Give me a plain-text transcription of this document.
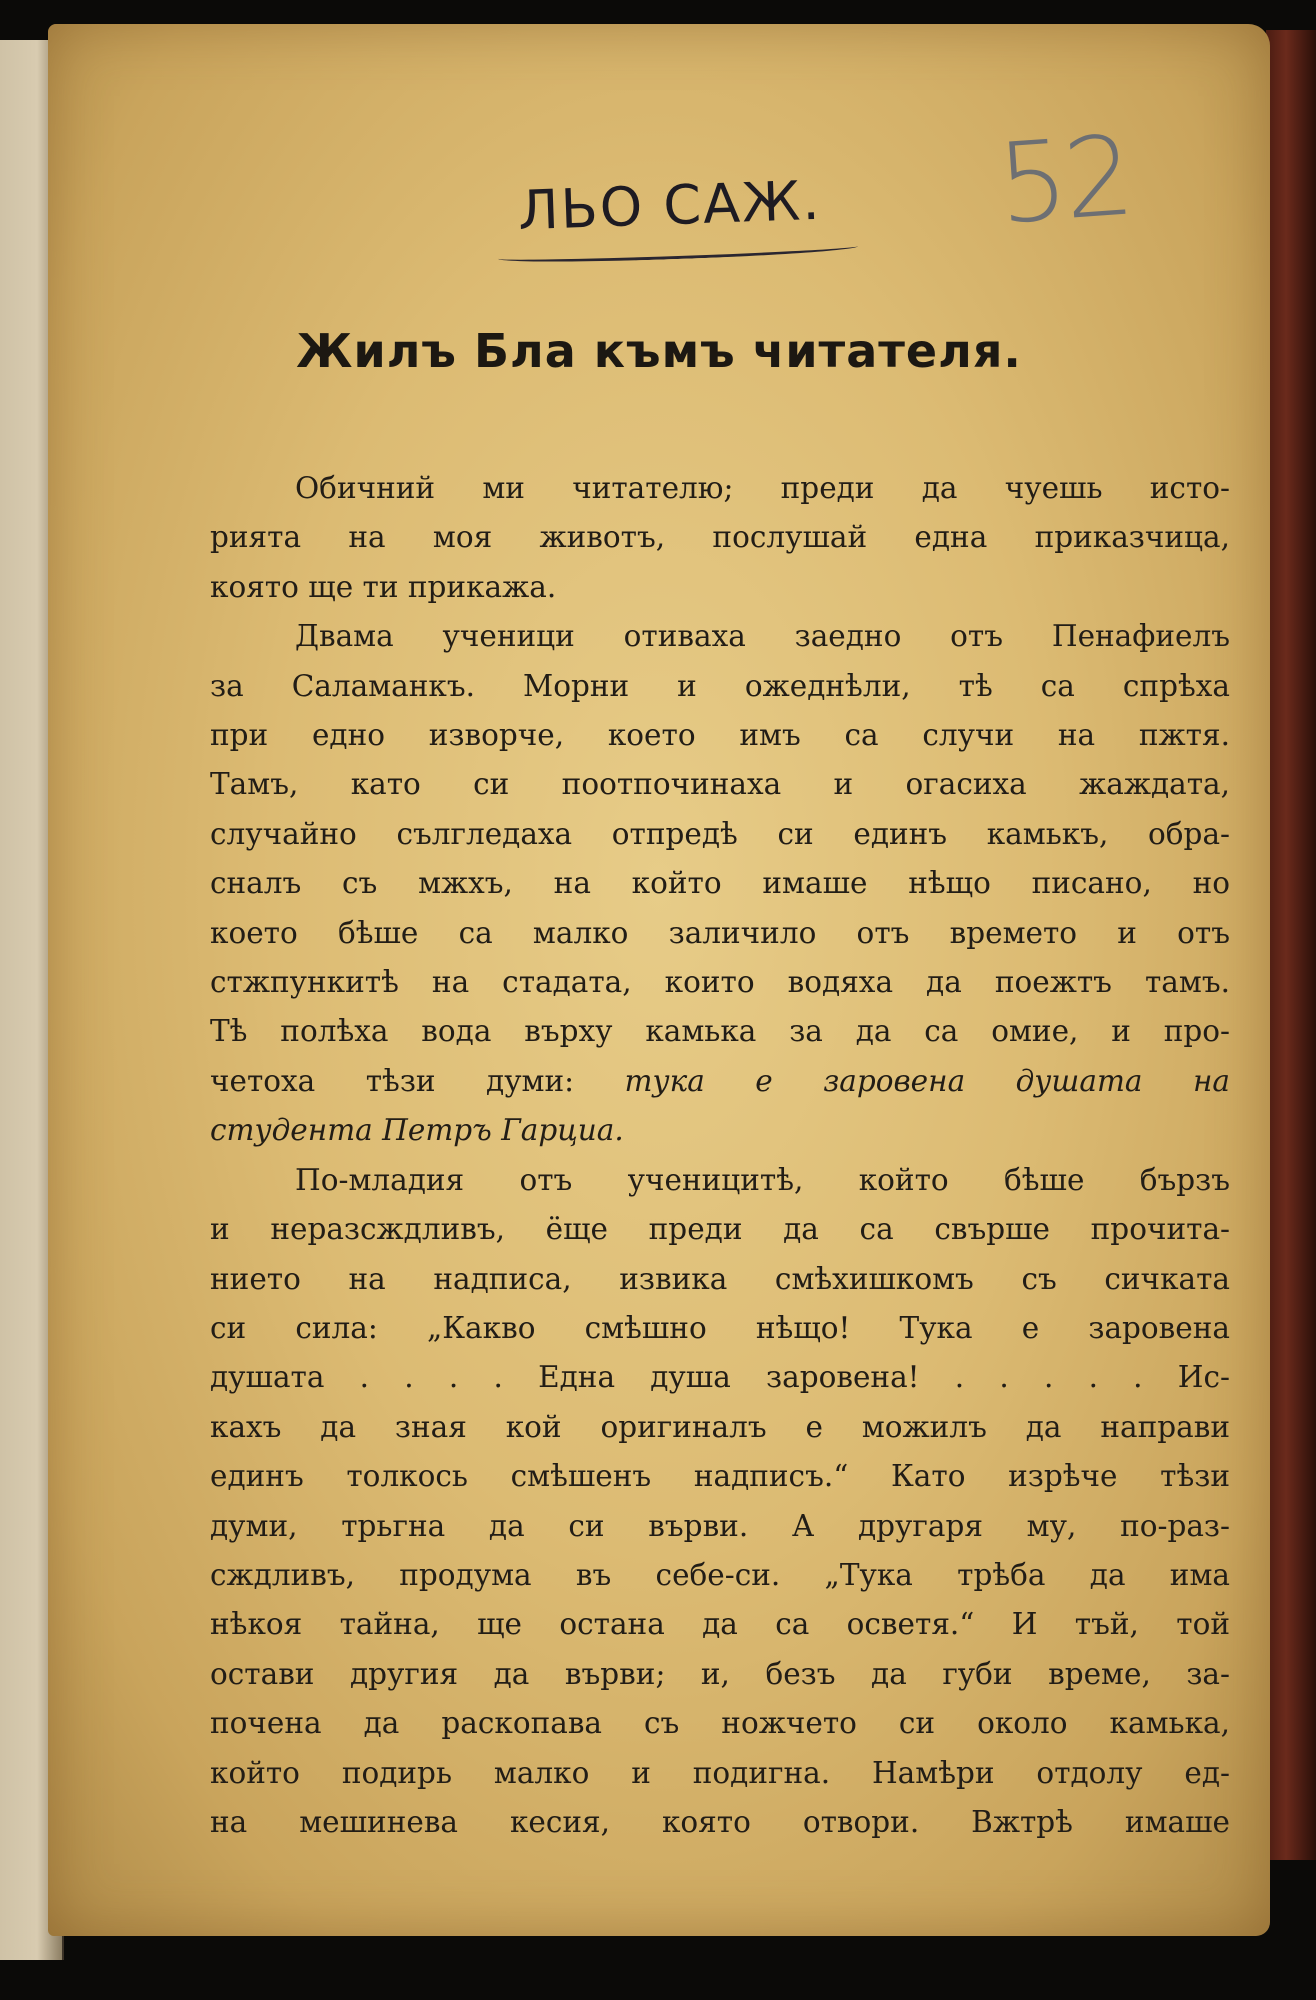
52
ЛЬО САЖ.
Жилъ Бла къмъ читателя.
Обичний ми читателю; преди да чуешь исто-
рията на моя животъ, послушай една приказчица,
която ще ти прикажа.
Двама ученици отиваха заедно отъ Пенафиелъ
за Саламанкъ. Морни и ожеднѣли, тѣ са спрѣха
при едно изворче, което имъ са случи на пжтя.
Тамъ, като си поотпочинаха и огасиха жаждата,
случайно сългледаха отпредѣ си единъ камькъ, обра-
сналъ съ мжхъ, на който имаше нѣщо писано, но
което бѣше са малко заличило отъ времето и отъ
стжпункитѣ на стадата, които водяха да поежтъ тамъ.
Тѣ полѣха вода върху камька за да са омие, и про-
четоха тѣзи думи: тука е заровена душата на
студента Петръ Гарциа.
По-младия отъ ученицитѣ, който бѣше бързъ
и неразсждливъ, ёще преди да са свърше прочита-
нието на надписа, извика смѣхишкомъ съ сичката
си сила: „Какво смѣшно нѣщо! Тука е заровена
душата . . . . Една душа заровена! . . . . . Ис-
кахъ да зная кой оригиналъ е можилъ да направи
единъ толкось смѣшенъ надписъ.“ Като изрѣче тѣзи
думи, трьгна да си върви. А другаря му, по-раз-
сждливъ, продума въ себе-си. „Тука трѣба да има
нѣкоя тайна, ще остана да са осветя.“ И тъй, той
остави другия да върви; и, безъ да губи време, за-
почена да раскопава съ ножчето си около камька,
който подирь малко и подигна. Намѣри отдолу ед-
на мешинева кесия, която отвори. Вжтрѣ имаше
